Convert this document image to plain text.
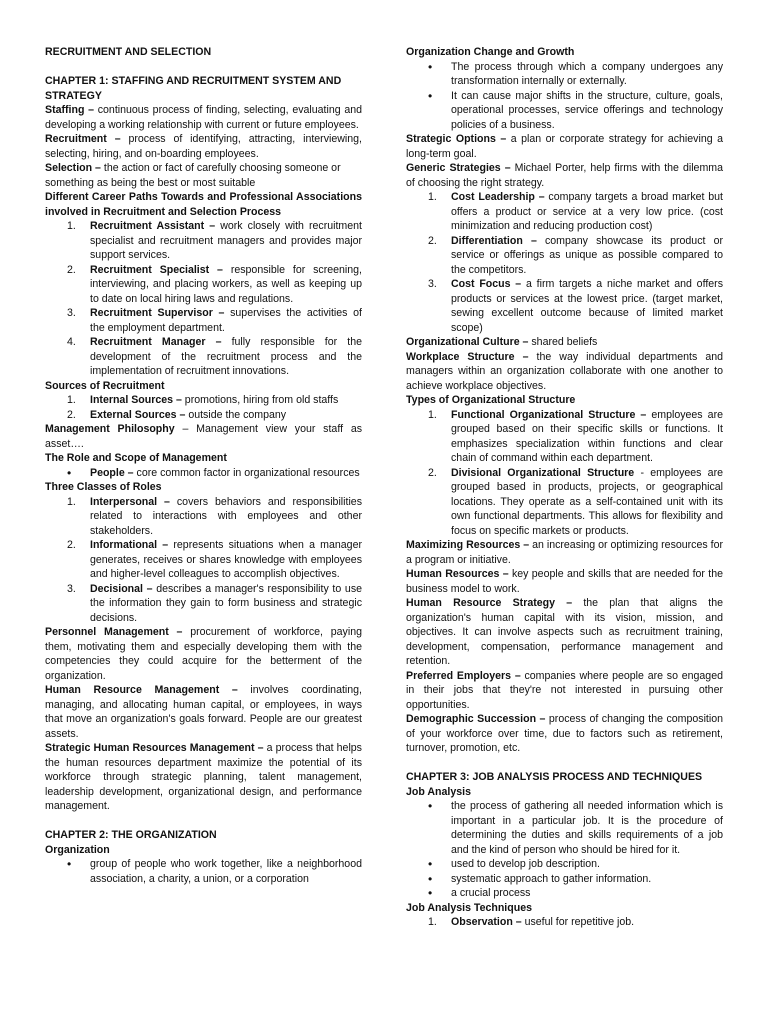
RECRUITMENT AND SELECTION

CHAPTER 1: STAFFING AND RECRUITMENT SYSTEM AND STRATEGY

Staffing – continuous process of finding, selecting, evaluating and developing a working relationship with current or future employees.

Recruitment – process of identifying, attracting, interviewing, selecting, hiring, and on-boarding employees.

Selection – the action or fact of carefully choosing someone or something as being the best or most suitable

Different Career Paths Towards and Professional Associations involved in Recruitment and Selection Process

1. Recruitment Assistant – work closely with recruitment specialist and recruitment managers and provides major support services.
2. Recruitment Specialist – responsible for screening, interviewing, and placing workers, as well as keeping up to date on local hiring laws and regulations.
3. Recruitment Supervisor – supervises the activities of the employment department.
4. Recruitment Manager – fully responsible for the development of the recruitment process and the implementation of recruitment innovations.

Sources of Recruitment

1. Internal Sources – promotions, hiring from old staffs
2. External Sources – outside the company

Management Philosophy – Management view your staff as asset….

The Role and Scope of Management

• People – core common factor in organizational resources

Three Classes of Roles

1. Interpersonal – covers behaviors and responsibilities related to interactions with employees and other stakeholders.
2. Informational – represents situations when a manager generates, receives or shares knowledge with employees and higher-level colleagues to accomplish objectives.
3. Decisional – describes a manager's responsibility to use the information they gain to form business and strategic decisions.

Personnel Management – procurement of workforce, paying them, motivating them and especially developing them with the competencies they could acquire for the betterment of the organization.

Human Resource Management – involves coordinating, managing, and allocating human capital, or employees, in ways that move an organization's goals forward. People are our greatest assets.

Strategic Human Resources Management – a process that helps the human resources department maximize the potential of its workforce through strategic planning, talent management, leadership development, organizational design, and performance management.

CHAPTER 2: THE ORGANIZATION

Organization

• group of people who work together, like a neighborhood association, a charity, a union, or a corporation

Organization Change and Growth

• The process through which a company undergoes any transformation internally or externally.
• It can cause major shifts in the structure, culture, goals, operational processes, service offerings and technology policies of a business.

Strategic Options – a plan or corporate strategy for achieving a long-term goal.

Generic Strategies – Michael Porter, help firms with the dilemma of choosing the right strategy.

1. Cost Leadership – company targets a broad market but offers a product or service at a very low price. (cost minimization and reducing production cost)
2. Differentiation – company showcase its product or service or offerings as unique as possible compared to the competitors.
3. Cost Focus – a firm targets a niche market and offers products or services at the lowest price. (target market, sewing excellent outcome because of limited market scope)

Organizational Culture – shared beliefs

Workplace Structure – the way individual departments and managers within an organization collaborate with one another to achieve workplace objectives.

Types of Organizational Structure

1. Functional Organizational Structure – employees are grouped based on their specific skills or functions. It emphasizes specialization within functions and clear chain of command within each department.
2. Divisional Organizational Structure - employees are grouped based in products, projects, or geographical locations. They operate as a self-contained unit with its own functional departments. This allows for flexibility and focus on specific markets or products.

Maximizing Resources – an increasing or optimizing resources for a program or initiative.

Human Resources – key people and skills that are needed for the business model to work.

Human Resource Strategy – the plan that aligns the organization's human capital with its vision, mission, and objectives. It can involve aspects such as recruitment training, development, compensation, performance management and retention.

Preferred Employers – companies where people are so engaged in their jobs that they're not interested in pursuing other opportunities.

Demographic Succession – process of changing the composition of your workforce over time, due to factors such as retirement, turnover, promotion, etc.

CHAPTER 3: JOB ANALYSIS PROCESS AND TECHNIQUES

Job Analysis

• the process of gathering all needed information which is important in a particular job. It is the procedure of determining the duties and skills requirements of a job and the kind of person who should be hired for it.
• used to develop job description.
• systematic approach to gather information.
• a crucial process

Job Analysis Techniques

1. Observation – useful for repetitive job.
